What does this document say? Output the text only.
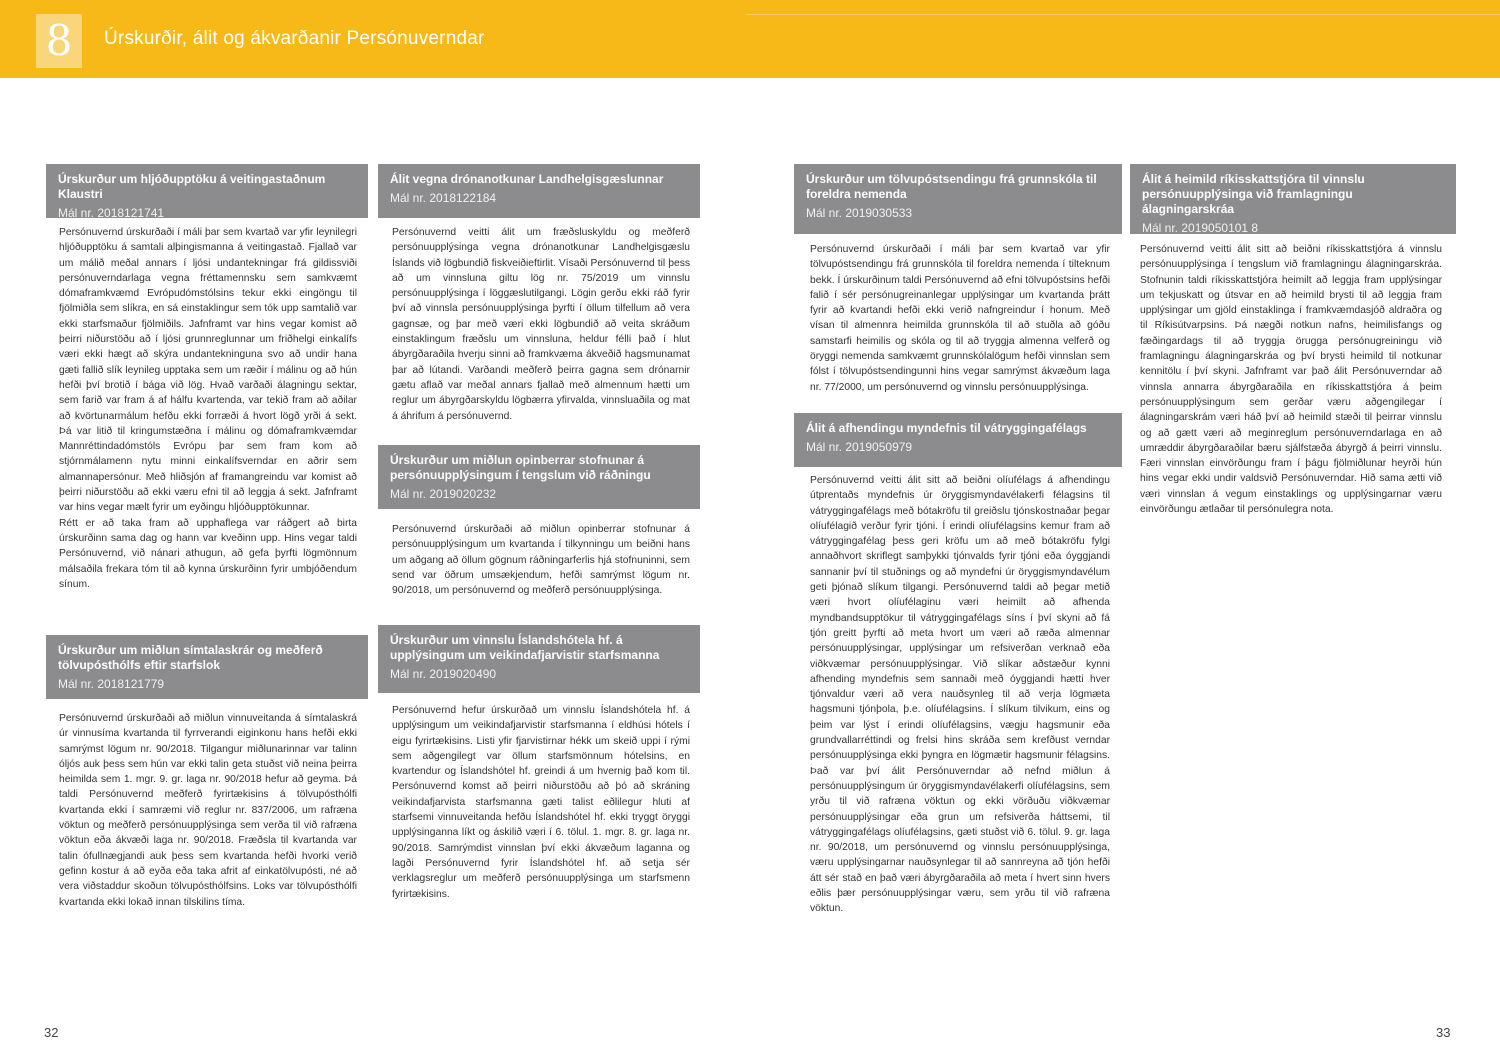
8	Úrskurðir, álit og ákvarðanir Persónuverndar
Úrskurður um hljóðupptöku á veitingastaðnum Klaustri
Mál nr. 2018121741

Persónuvernd úrskurðaði í máli þar sem kvartað var yfir leynilegri hljóðupptöku á samtali alþingismanna á veitingastað. Fjallað var um málið meðal annars í ljósi undantekningar frá gildissviði persónuverndarlaga vegna fréttamennsku sem samkvæmt dómaframkvæmd Evrópudómstólsins tekur ekki eingöngu til fjölmiðla sem slíkra, en sá einstaklingur sem tók upp samtalið var ekki starfsmaður fjölmiðils. Jafnframt var hins vegar komist að þeirri niðurstöðu að í ljósi grunnreglunnar um friðhelgi einkalífs væri ekki hægt að skýra undantekninguna svo að undir hana gæti fallið slík leynileg upptaka sem um ræðir í málinu og að hún hefði því brotið í bága við lög. Hvað varðaði álagningu sektar, sem farið var fram á af hálfu kvartenda, var tekið fram að aðilar að kvörtunarmálum hefðu ekki forræði á hvort lögð yrði á sekt. Þá var litið til kringumstæðna í málinu og dómaframkvæmdar Mannréttindadómstóls Evrópu þar sem fram kom að stjórnmálamenn nytu minni einkalífsverndar en aðrir sem almannapersónur. Með hliðsjón af framangreindu var komist að þeirri niðurstöðu að ekki væru efni til að leggja á sekt. Jafnframt var hins vegar mælt fyrir um eyðingu hljóðupptökunnar.

Rétt er að taka fram að upphaflega var ráðgert að birta úrskurðinn sama dag og hann var kveðinn upp. Hins vegar taldi Persónuvernd, við nánari athugun, að gefa þyrfti lögmönnum málsaðila frekara tóm til að kynna úrskurðinn fyrir umbjóðendum sínum.

Úrskurður um miðlun símtalaskrár og meðferð tölvupósthólfs eftir starfslok
Mál nr. 2018121779

Persónuvernd úrskurðaði að miðlun vinnuveitanda á símtalaskrá úr vinnusíma kvartanda til fyrrverandi eiginkonu hans hefði ekki samrýmst lögum nr. 90/2018. Tilgangur miðlunarinnar var talinn óljós auk þess sem hún var ekki talin geta stuðst við neina þeirra heimilda sem 1. mgr. 9. gr. laga nr. 90/2018 hefur að geyma. Þá taldi Persónuvernd meðferð fyrirtækisins á tölvupósthólfi kvartanda ekki í samræmi við reglur nr. 837/2006, um rafræna vöktun og meðferð persónuupplýsinga sem verða til við rafræna vöktun eða ákvæði laga nr. 90/2018. Fræðsla til kvartanda var talin ófullnægjandi auk þess sem kvartanda hefði hvorki verið gefinn kostur á að eyða eða taka afrit af einkatölvupósti, né að vera viðstaddur skoðun tölvupósthólfsins. Loks var tölvupósthólfi kvartanda ekki lokað innan tilskilins tíma.

Álit vegna drónanotkunar Landhelgisgæslunnar
Mál nr. 2018122184

Persónuvernd veitti álit um fræðsluskyldu og meðferð persónuupplýsinga vegna drónanotkunar Landhelgisgæslu Íslands við lögbundið fiskveiðieftirlit. Vísaði Persónuvernd til þess að um vinnsluna giltu lög nr. 75/2019 um vinnslu persónuupplýsinga í löggæslutilgangi. Lögin gerðu ekki ráð fyrir því að vinnsla persónuupplýsinga þyrfti í öllum tilfellum að vera gagnsæ, og þar með væri ekki lögbundið að veita skráðum einstaklingum fræðslu um vinnsluna, heldur félli það í hlut ábyrgðaraðila hverju sinni að framkvæma ákveðið hagsmunamat þar að lútandi. Varðandi meðferð þeirra gagna sem drónarnir gætu aflað var meðal annars fjallað með almennum hætti um reglur um ábyrgðarskyldu lögbærra yfirvalda, vinnsluaðila og mat á áhrifum á persónuvernd.

Úrskurður um miðlun opinberrar stofnunar á persónuupplýsingum í tengslum við ráðningu
Mál nr. 2019020232

Persónuvernd úrskurðaði að miðlun opinberrar stofnunar á persónuupplýsingum um kvartanda í tilkynningu um beiðni hans um aðgang að öllum gögnum ráðningarferlis hjá stofnuninni, sem send var öðrum umsækjendum, hefði samrýmst lögum nr. 90/2018, um persónuvernd og meðferð persónuupplýsinga.

Úrskurður um vinnslu Íslandshótela hf. á upplýsingum um veikindafjarvistir starfsmanna
Mál nr. 2019020490

Persónuvernd hefur úrskurðað um vinnslu Íslandshótela hf. á upplýsingum um veikindafjarvistir starfsmanna í eldhúsi hótels í eigu fyrirtækisins. Listi yfir fjarvistirnar hékk um skeið uppi í rými sem aðgengilegt var öllum starfsmönnum hótelsins, en kvartendur og Íslandshótel hf. greindi á um hvernig það kom til. Persónuvernd komst að þeirri niðurstöðu að þó að skráning veikindafjarvista starfsmanna gæti talist eðlilegur hluti af starfsemi vinnuveitanda hefðu Íslandshótel hf. ekki tryggt öryggi upplýsinganna líkt og áskilið væri í 6. tölul. 1. mgr. 8. gr. laga nr. 90/2018. Samrýmdist vinnslan því ekki ákvæðum laganna og lagði Persónuvernd fyrir Íslandshótel hf. að setja sér verklagsreglur um meðferð persónuupplýsinga um starfsmenn fyrirtækisins.

Úrskurður um tölvupóstsendingu frá grunnskóla til foreldra nemenda
Mál nr. 2019030533

Persónuvernd úrskurðaði í máli þar sem kvartað var yfir tölvupóstsendingu frá grunnskóla til foreldra nemenda í tilteknum bekk. Í úrskurðinum taldi Persónuvernd að efni tölvupóstsins hefði falið í sér persónugreinanlegar upplýsingar um kvartanda þrátt fyrir að kvartandi hefði ekki verið nafngreindur í honum. Með vísan til almennra heimilda grunnskóla til að stuðla að góðu samstarfi heimilis og skóla og til að tryggja almenna velferð og öryggi nemenda samkvæmt grunnskólalögum hefði vinnslan sem fólst í tölvupóstsendingunni hins vegar samrýmst ákvæðum laga nr. 77/2000, um persónuvernd og vinnslu persónuupplýsinga.

Álit á afhendingu myndefnis til vátryggingafélags
Mál nr. 2019050979

Persónuvernd veitti álit sitt að beiðni olíufélags á afhendingu útprentaðs myndefnis úr öryggismyndavélakerfi félagsins til vátryggingafélags með bótakröfu til greiðslu tjónskostnaðar þegar olíufélagið verður fyrir tjóni. Í erindi olíufélagsins kemur fram að vátryggingafélag þess geri kröfu um að með bótakröfu fylgi annaðhvort skriflegt samþykki tjónvalds fyrir tjóni eða óyggjandi sannanir því til stuðnings og að myndefni úr öryggismyndavélum geti þjónað slíkum tilgangi. Persónuvernd taldi að þegar metið væri hvort olíufélaginu væri heimilt að afhenda myndbandsupptökur til vátryggingafélags síns í því skyni að fá tjón greitt þyrfti að meta hvort um væri að ræða almennar persónuupplýsingar, upplýsingar um refsiverðan verknað eða viðkvæmar persónuupplýsingar. Við slíkar aðstæður kynni afhending myndefnis sem sannaði með óyggjandi hætti hver tjónvaldur væri að vera nauðsynleg til að verja lögmæta hagsmuni tjónþola, þ.e. olíufélagsins. Í slíkum tilvikum, eins og þeim var lýst í erindi olíufélagsins, vægju hagsmunir eða grundvallarréttindi og frelsi hins skráða sem krefðust verndar persónuupplýsinga ekki þyngra en lögmætir hagsmunir félagsins. Það var því álit Persónuverndar að nefnd miðlun á persónuupplýsingum úr öryggismyndavélakerfi olíufélagsins, sem yrðu til við rafræna vöktun og ekki vörðuðu viðkvæmar persónuupplýsingar eða grun um refsiverða háttsemi, til vátryggingafélags olíufélagsins, gæti stuðst við 6. tölul. 9. gr. laga nr. 90/2018, um persónuvernd og vinnslu persónuupplýsinga, væru upplýsingarnar nauðsynlegar til að sannreyna að tjón hefði átt sér stað en það væri ábyrgðaraðila að meta í hvert sinn hvers eðlis þær persónuupplýsingar væru, sem yrðu til við rafræna vöktun.

Álit á heimild ríkisskattstjóra til vinnslu persónuupplýsinga við framlagningu álagningarskráa
Mál nr. 2019050101 8

Persónuvernd veitti álit sitt að beiðni ríkisskattstjóra á vinnslu persónuupplýsinga í tengslum við framlagningu álagningarskráa. Stofnunin taldi ríkisskattstjóra heimilt að leggja fram upplýsingar um tekjuskatt og útsvar en að heimild brysti til að leggja fram upplýsingar um gjöld einstaklinga í framkvæmdasjóð aldraðra og til Ríkisútvarpsins. Þá nægði notkun nafns, heimilisfangs og fæðingardags til að tryggja örugga persónugreiningu við framlagningu álagningarskráa og því brysti heimild til notkunar kennitölu í því skyni. Jafnframt var það álit Persónuverndar að vinnsla annarra ábyrgðaraðila en ríkisskattstjóra á þeim persónuupplýsingum sem gerðar væru aðgengilegar í álagningarskrám væri háð því að heimild stæði til þeirrar vinnslu og að gætt væri að meginreglum persónuverndarlaga en að umræddir ábyrgðaraðilar bæru sjálfstæða ábyrgð á þeirri vinnslu. Færi vinnslan einvörðungu fram í þágu fjölmiðlunar heyrði hún hins vegar ekki undir valdsvið Persónuverndar. Hið sama ætti við væri vinnslan á vegum einstaklings og upplýsingarnar væru einvörðungu ætlaðar til persónulegra nota.

32	33
